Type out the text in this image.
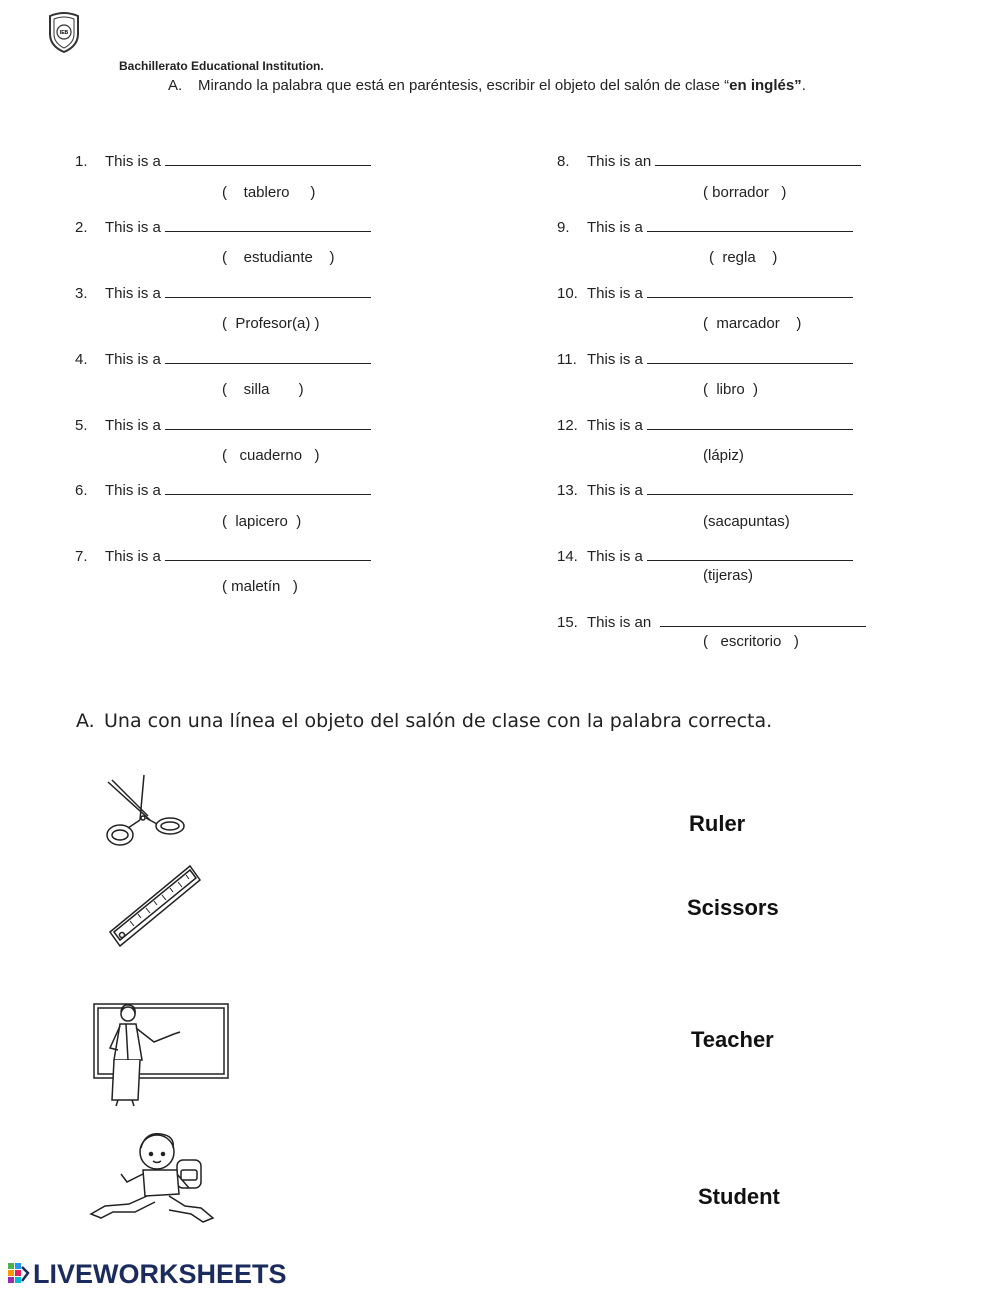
IEB
Bachillerato Educational Institution.
A. Mirando la palabra que está en paréntesis, escribir el objeto del salón de clase “en inglés”.
1. This is a
(    tablero     )
2. This is a
(    estudiante    )
3. This is a
(  Profesor(a) )
4. This is a
(    silla       )
5. This is a
(   cuaderno   )
6. This is a
(  lapicero  )
7. This is a
( maletín   )
8. This is an
( borrador   )
9. This is a
(  regla    )
10. This is a
(  marcador    )
11. This is a
(  libro  )
12. This is a
(lápiz)
13. This is a
(sacapuntas)
14. This is a
(tijeras)
15. This is an
(   escritorio   )
A. Una con una línea el objeto del salón de clase con la palabra correcta.
Ruler
Scissors
Teacher
Student
LIVEWORKSHEETS
